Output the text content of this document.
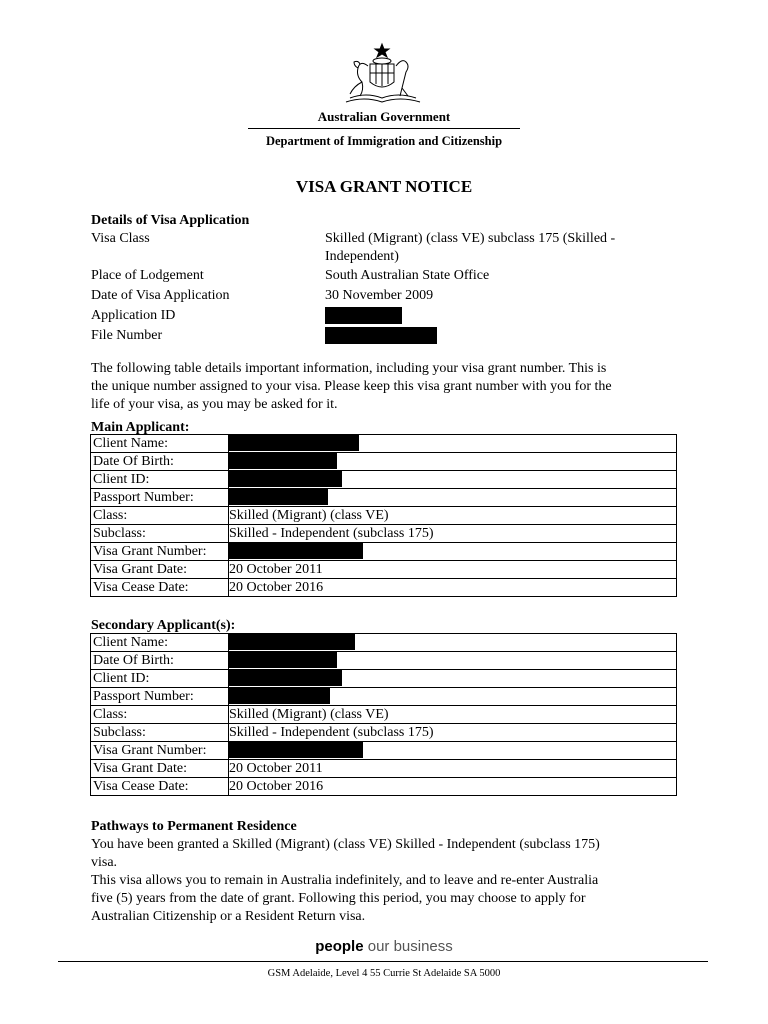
Australian Government
Department of Immigration and Citizenship
VISA GRANT NOTICE
Details of Visa Application
Visa Class	Skilled (Migrant) (class VE) subclass 175 (Skilled -
Independent)
Place of Lodgement	South Australian State Office
Date of Visa Application	30 November 2009
Application ID
File Number
The following table details important information, including your visa grant number. This is
the unique number assigned to your visa. Please keep this visa grant number with you for the
life of your visa, as you may be asked for it.
Main Applicant:
Client Name:	
Date Of Birth:	
Client ID:	
Passport Number:	
Class:	Skilled (Migrant) (class VE)
Subclass:	Skilled - Independent (subclass 175)
Visa Grant Number:	
Visa Grant Date:	20 October 2011
Visa Cease Date:	20 October 2016
Secondary Applicant(s):
Client Name:	
Date Of Birth:	
Client ID:	
Passport Number:	
Class:	Skilled (Migrant) (class VE)
Subclass:	Skilled - Independent (subclass 175)
Visa Grant Number:	
Visa Grant Date:	20 October 2011
Visa Cease Date:	20 October 2016
Pathways to Permanent Residence
You have been granted a Skilled (Migrant) (class VE) Skilled - Independent (subclass 175)
visa.
This visa allows you to remain in Australia indefinitely, and to leave and re-enter Australia
five (5) years from the date of grant. Following this period, you may choose to apply for
Australian Citizenship or a Resident Return visa.
people our business
GSM Adelaide, Level 4 55 Currie St Adelaide SA 5000
